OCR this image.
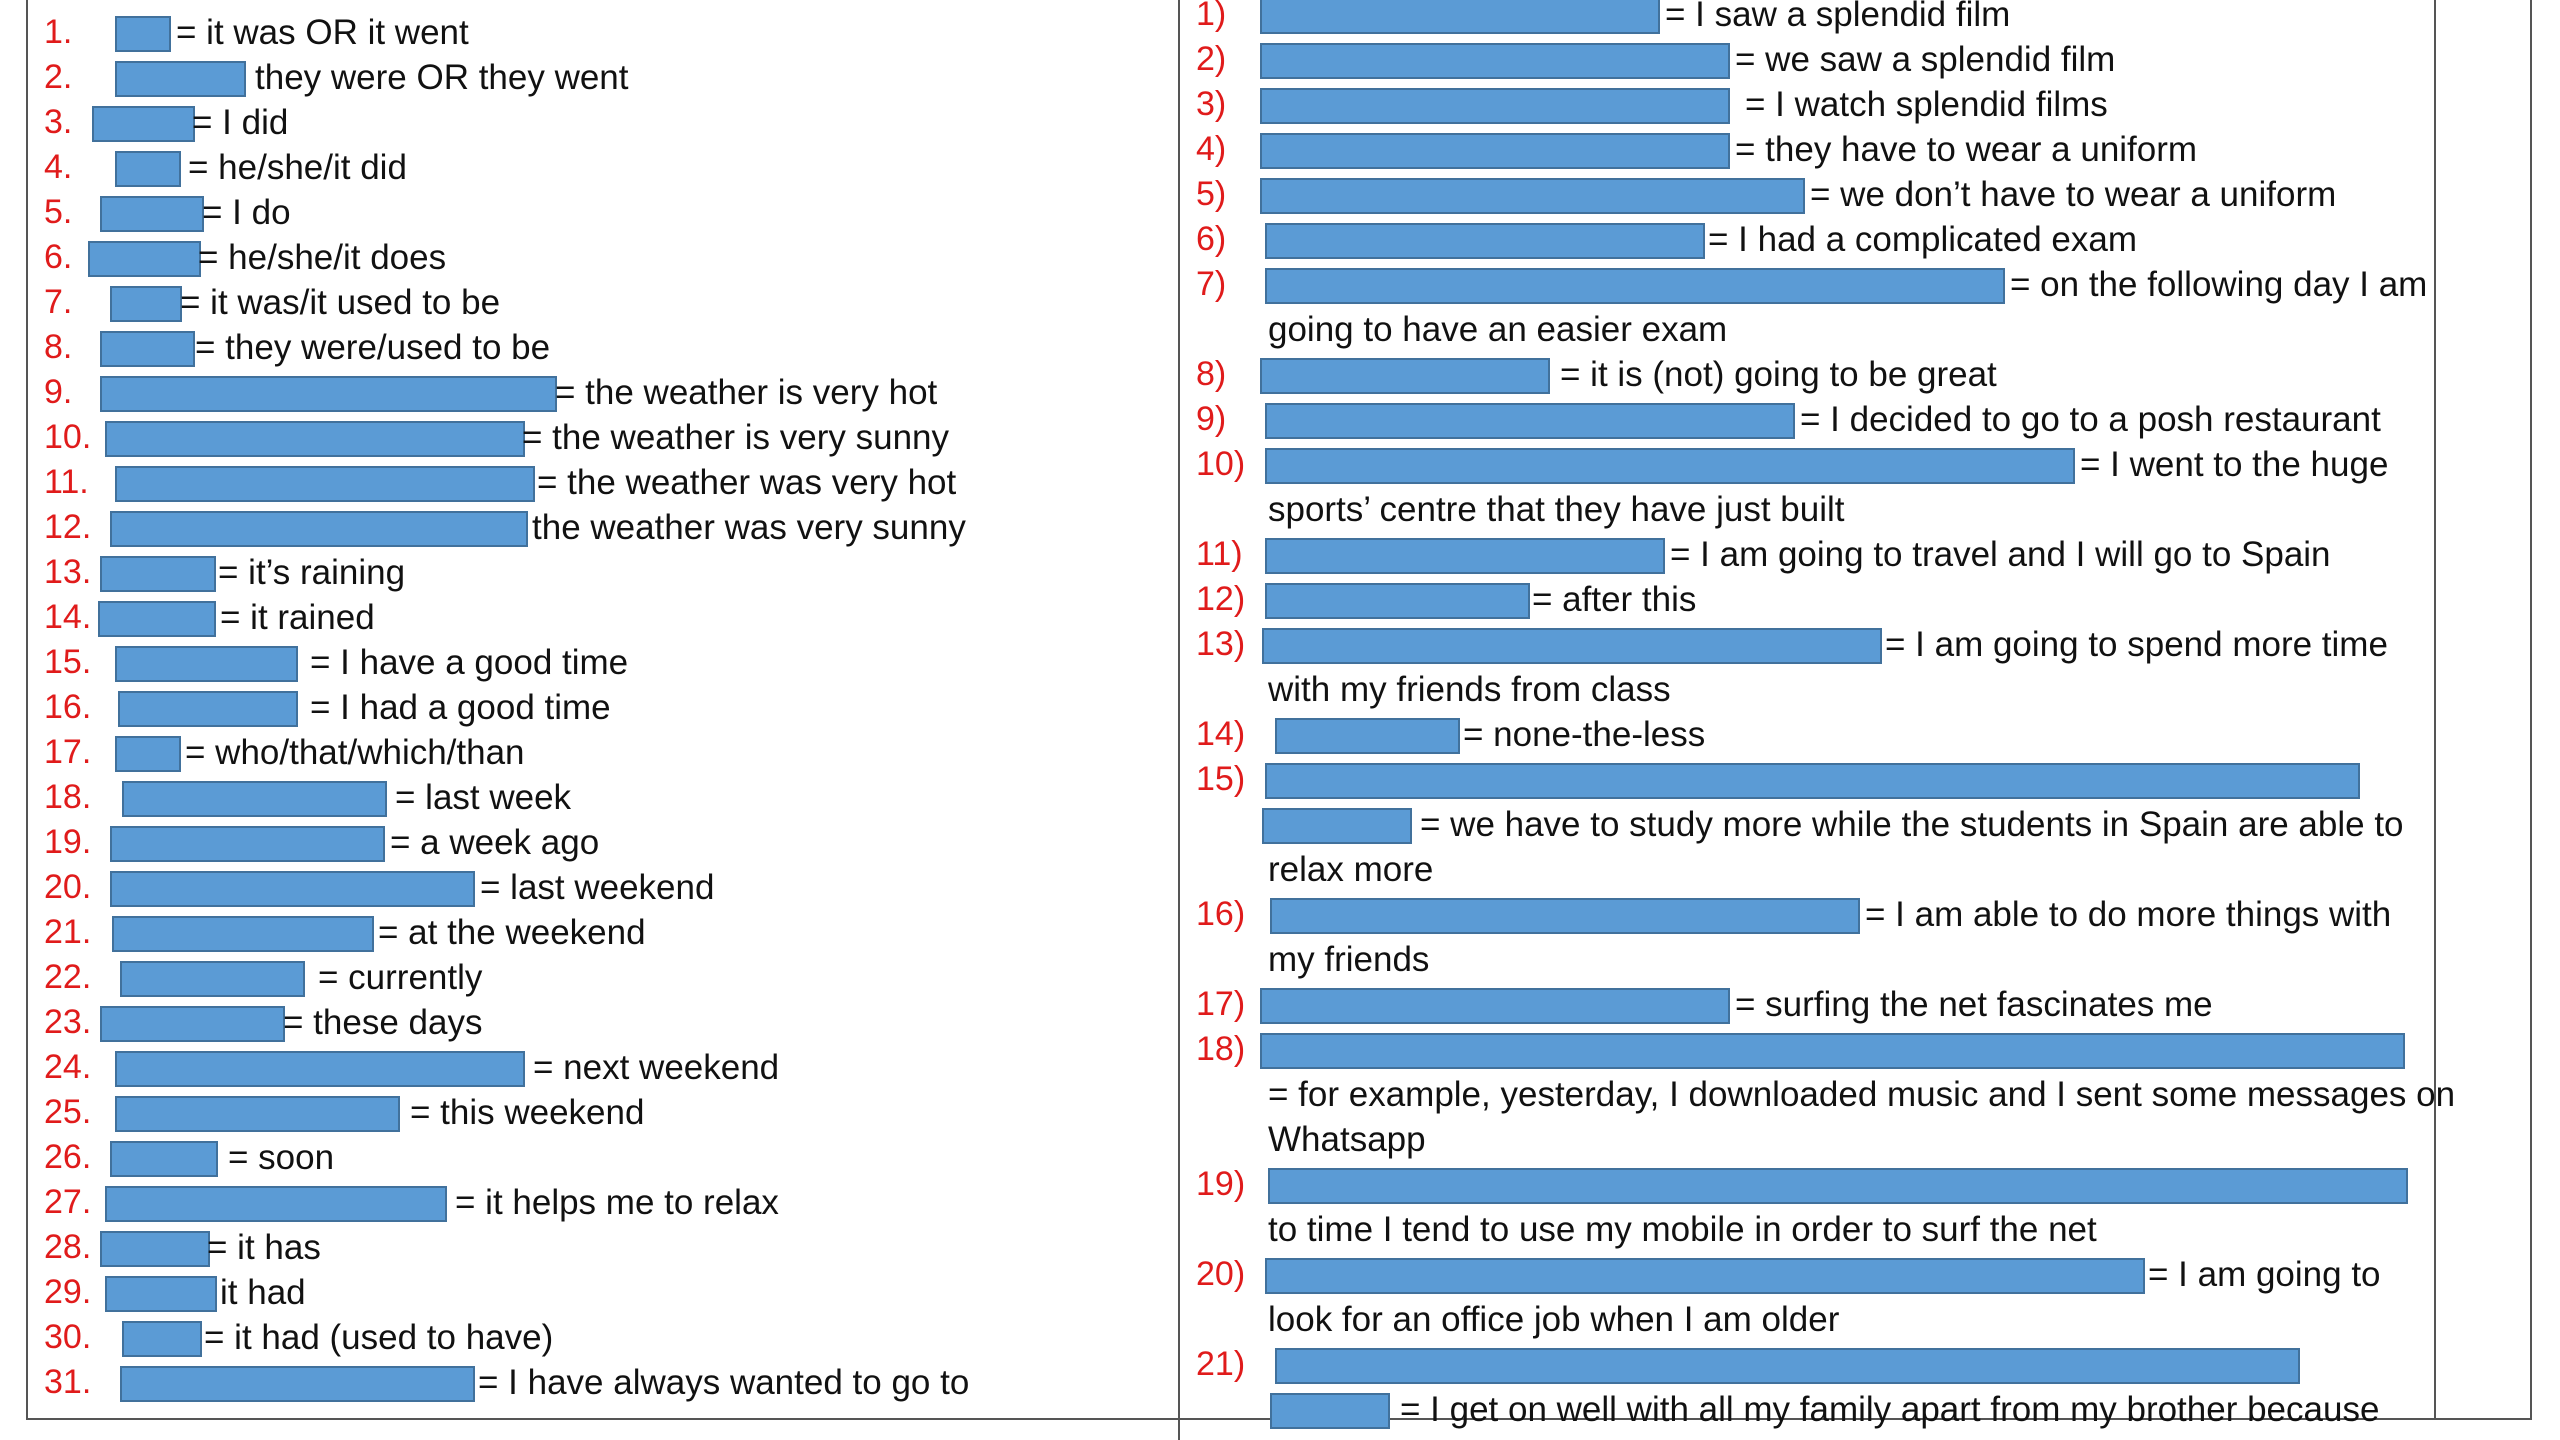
1.	= it was OR it went
2.	they were OR they went
3.	= I did
4.	= he/she/it did
5.	= I do
6.	= he/she/it does
7.	= it was/it used to be
8.	= they were/used to be
9.	= the weather is very hot
10.	= the weather is very sunny
11.	= the weather was very hot
12.	the weather was very sunny
13.	= it’s raining
14.	= it rained
15.	= I have a good time
16.	= I had a good time
17.	= who/that/which/than
18.	= last week
19.	= a week ago
20.	= last weekend
21.	= at the weekend
22.	= currently
23.	= these days
24.	= next weekend
25.	= this weekend
26.	= soon
27.	= it helps me to relax
28.	= it has
29.	it had
30.	= it had (used to have)
31.	= I have always wanted to go to
1)	= I saw a splendid film
2)	= we saw a splendid film
3)	= I watch splendid films
4)	= they have to wear a uniform
5)	= we don’t have to wear a uniform
6)	= I had a complicated exam
7)	= on the following day I am
going to have an easier exam
8)	= it is (not) going to be great
9)	= I decided to go to a posh restaurant
10)	= I went to the huge
sports’ centre that they have just built
11)	= I am going to travel and I will go to Spain
12)	= after this
13)	= I am going to spend more time
with my friends from class
14)	= none-the-less
15)
= we have to study more while the students in Spain are able to
relax more
16)	= I am able to do more things with
my friends
17)	= surfing the net fascinates me
18)
= for example, yesterday, I downloaded music and I sent some messages on
Whatsapp
19)
to time I tend to use my mobile in order to surf the net
20)	= I am going to
look for an office job when I am older
21)
= I get on well with all my family apart from my brother because
